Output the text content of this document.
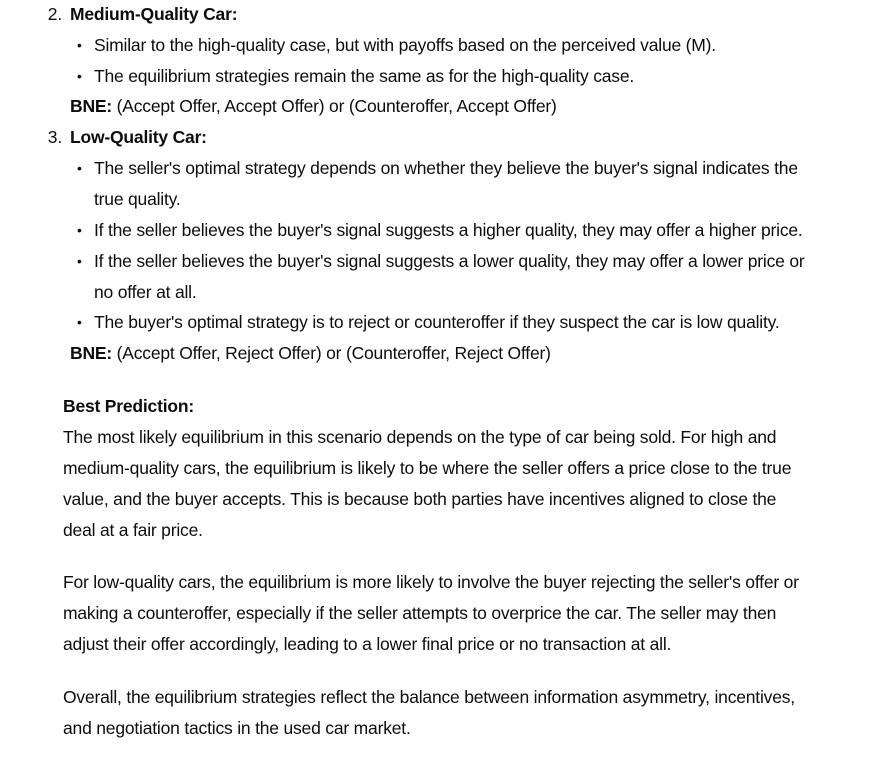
2. Medium-Quality Car:
• Similar to the high-quality case, but with payoffs based on the perceived value (M).
• The equilibrium strategies remain the same as for the high-quality case.
BNE: (Accept Offer, Accept Offer) or (Counteroffer, Accept Offer)
3. Low-Quality Car:
• The seller's optimal strategy depends on whether they believe the buyer's signal indicates the
true quality.
• If the seller believes the buyer's signal suggests a higher quality, they may offer a higher price.
• If the seller believes the buyer's signal suggests a lower quality, they may offer a lower price or
no offer at all.
• The buyer's optimal strategy is to reject or counteroffer if they suspect the car is low quality.
BNE: (Accept Offer, Reject Offer) or (Counteroffer, Reject Offer)
Best Prediction:
The most likely equilibrium in this scenario depends on the type of car being sold. For high and
medium-quality cars, the equilibrium is likely to be where the seller offers a price close to the true
value, and the buyer accepts. This is because both parties have incentives aligned to close the
deal at a fair price.
For low-quality cars, the equilibrium is more likely to involve the buyer rejecting the seller's offer or
making a counteroffer, especially if the seller attempts to overprice the car. The seller may then
adjust their offer accordingly, leading to a lower final price or no transaction at all.
Overall, the equilibrium strategies reflect the balance between information asymmetry, incentives,
and negotiation tactics in the used car market.
